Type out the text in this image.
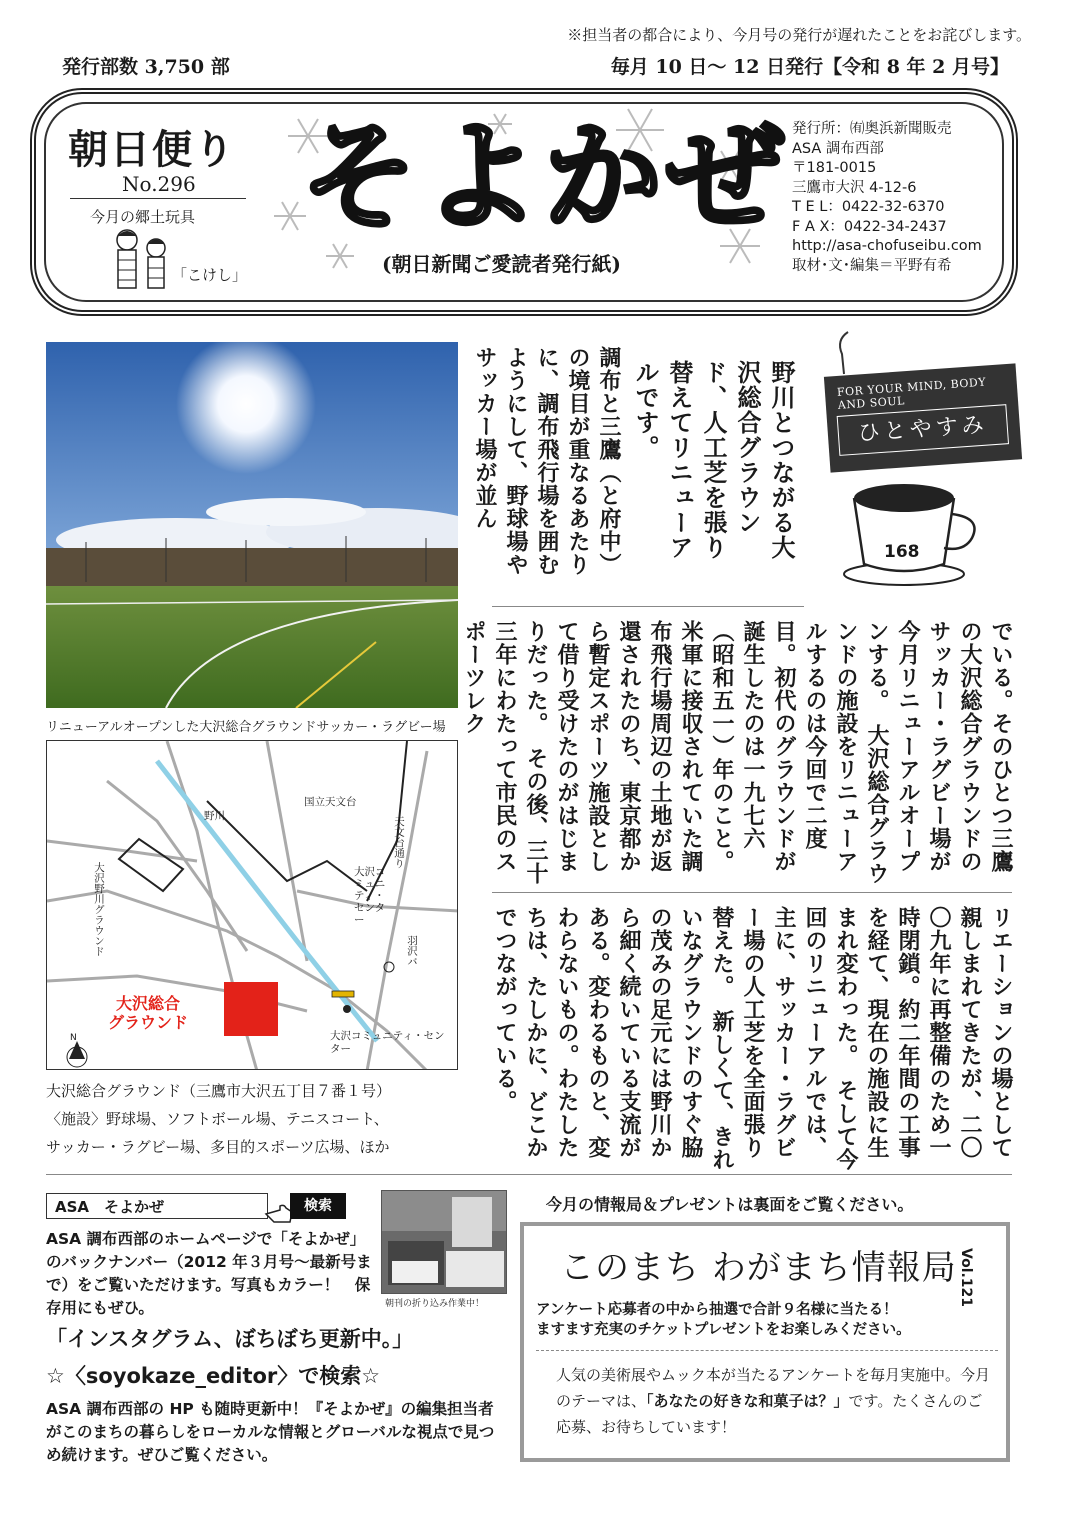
※担当者の都合により、今月号の発行が遅れたことをお詫びします。
発行部数 3,750 部	毎月 10 日～ 12 日発行【令和 8 年 2 月号】
朝日便り
No.296
今月の郷土玩具
「こけし」
そよかぜ
(朝日新聞ご愛読者発行紙)
発行所：㈲奥浜新聞販売
ASA 調布西部
〒181-0015
三鷹市大沢 4-12-6
T E L：0422-32-6370
F A X：0422-34-2437
http://asa-chofuseibu.com
取材･文･編集＝平野有希
リニューアルオープンした大沢総合グラウンドサッカー・ラグビー場
国立天文台
野川	天文台通り
大沢コミュニティ・センター
羽沢バ
大沢コミュニティ・センター
大沢野川グラウンド
N
大沢総合
グラウンド
大沢総合グラウンド（三鷹市大沢五丁目７番１号）
〈施設〉野球場、ソフトボール場、テニスコート、
サッカー・ラグビー場、多目的スポーツ広場、ほか
野川とつながる大沢総合グラウンド、人工芝を張り替えてリニューアルです。
調布と三鷹（と府中）の境目が重なるあたりに、調布飛行場を囲むようにして、野球場やサッカー場が並ん
でいる。そのひとつ三鷹の大沢総合グラウンドのサッカー・ラグビー場が今月リニューアルオープンする。　大沢総合グラウンドの施設をリニューアルするのは今回で二度目。初代のグラウンドが誕生したのは一九七六（昭和五一）年のこと。　米軍に接収されていた調布飛行場周辺の土地が返還されたのち、東京都から暫定スポーツ施設として借り受けたのがはじまりだった。　その後、三十三年にわたって市民のスポーツレク
リエーションの場として親しまれてきたが、二〇〇九年に再整備のため一時閉鎖。約二年間の工事を経て、現在の施設に生まれ変わった。　そして今回のリニューアルでは、主に、サッカー・ラグビー場の人工芝を全面張り替えた。　新しくて、きれいなグラウンドのすぐ脇の茂みの足元には野川から細く続いている支流がある。変わるものと、変わらないもの。わたしたちは、たしかに、どこかでつながっている。
FOR YOUR MIND, BODY AND SOUL
ひとやすみ
168
ASA　そよかぜ	検索
ASA 調布西部のホームページで「そよかぜ」のバックナンバー（2012 年３月号～最新号まで）をご覧いただけます。写真もカラー！　保存用にもぜひ。	朝刊の折り込み作業中！
「インスタグラム、ぼちぼち更新中。」
☆〈soyokaze_editor〉で検索☆
ASA 調布西部の HP も随時更新中！『そよかぜ』の編集担当者がこのまちの暮らしをローカルな情報とグローバルな視点で見つめ続けます。ぜひご覧ください。
今月の情報局＆プレゼントは裏面をご覧ください。
このまち わがまち情報局 Vol.121
アンケート応募者の中から抽選で合計９名様に当たる！
ますます充実のチケットプレゼントをお楽しみください。
人気の美術展やムック本が当たるアンケートを毎月実施中。今月のテーマは、「あなたの好きな和菓子は？」です。たくさんのご応募、お待ちしています！
